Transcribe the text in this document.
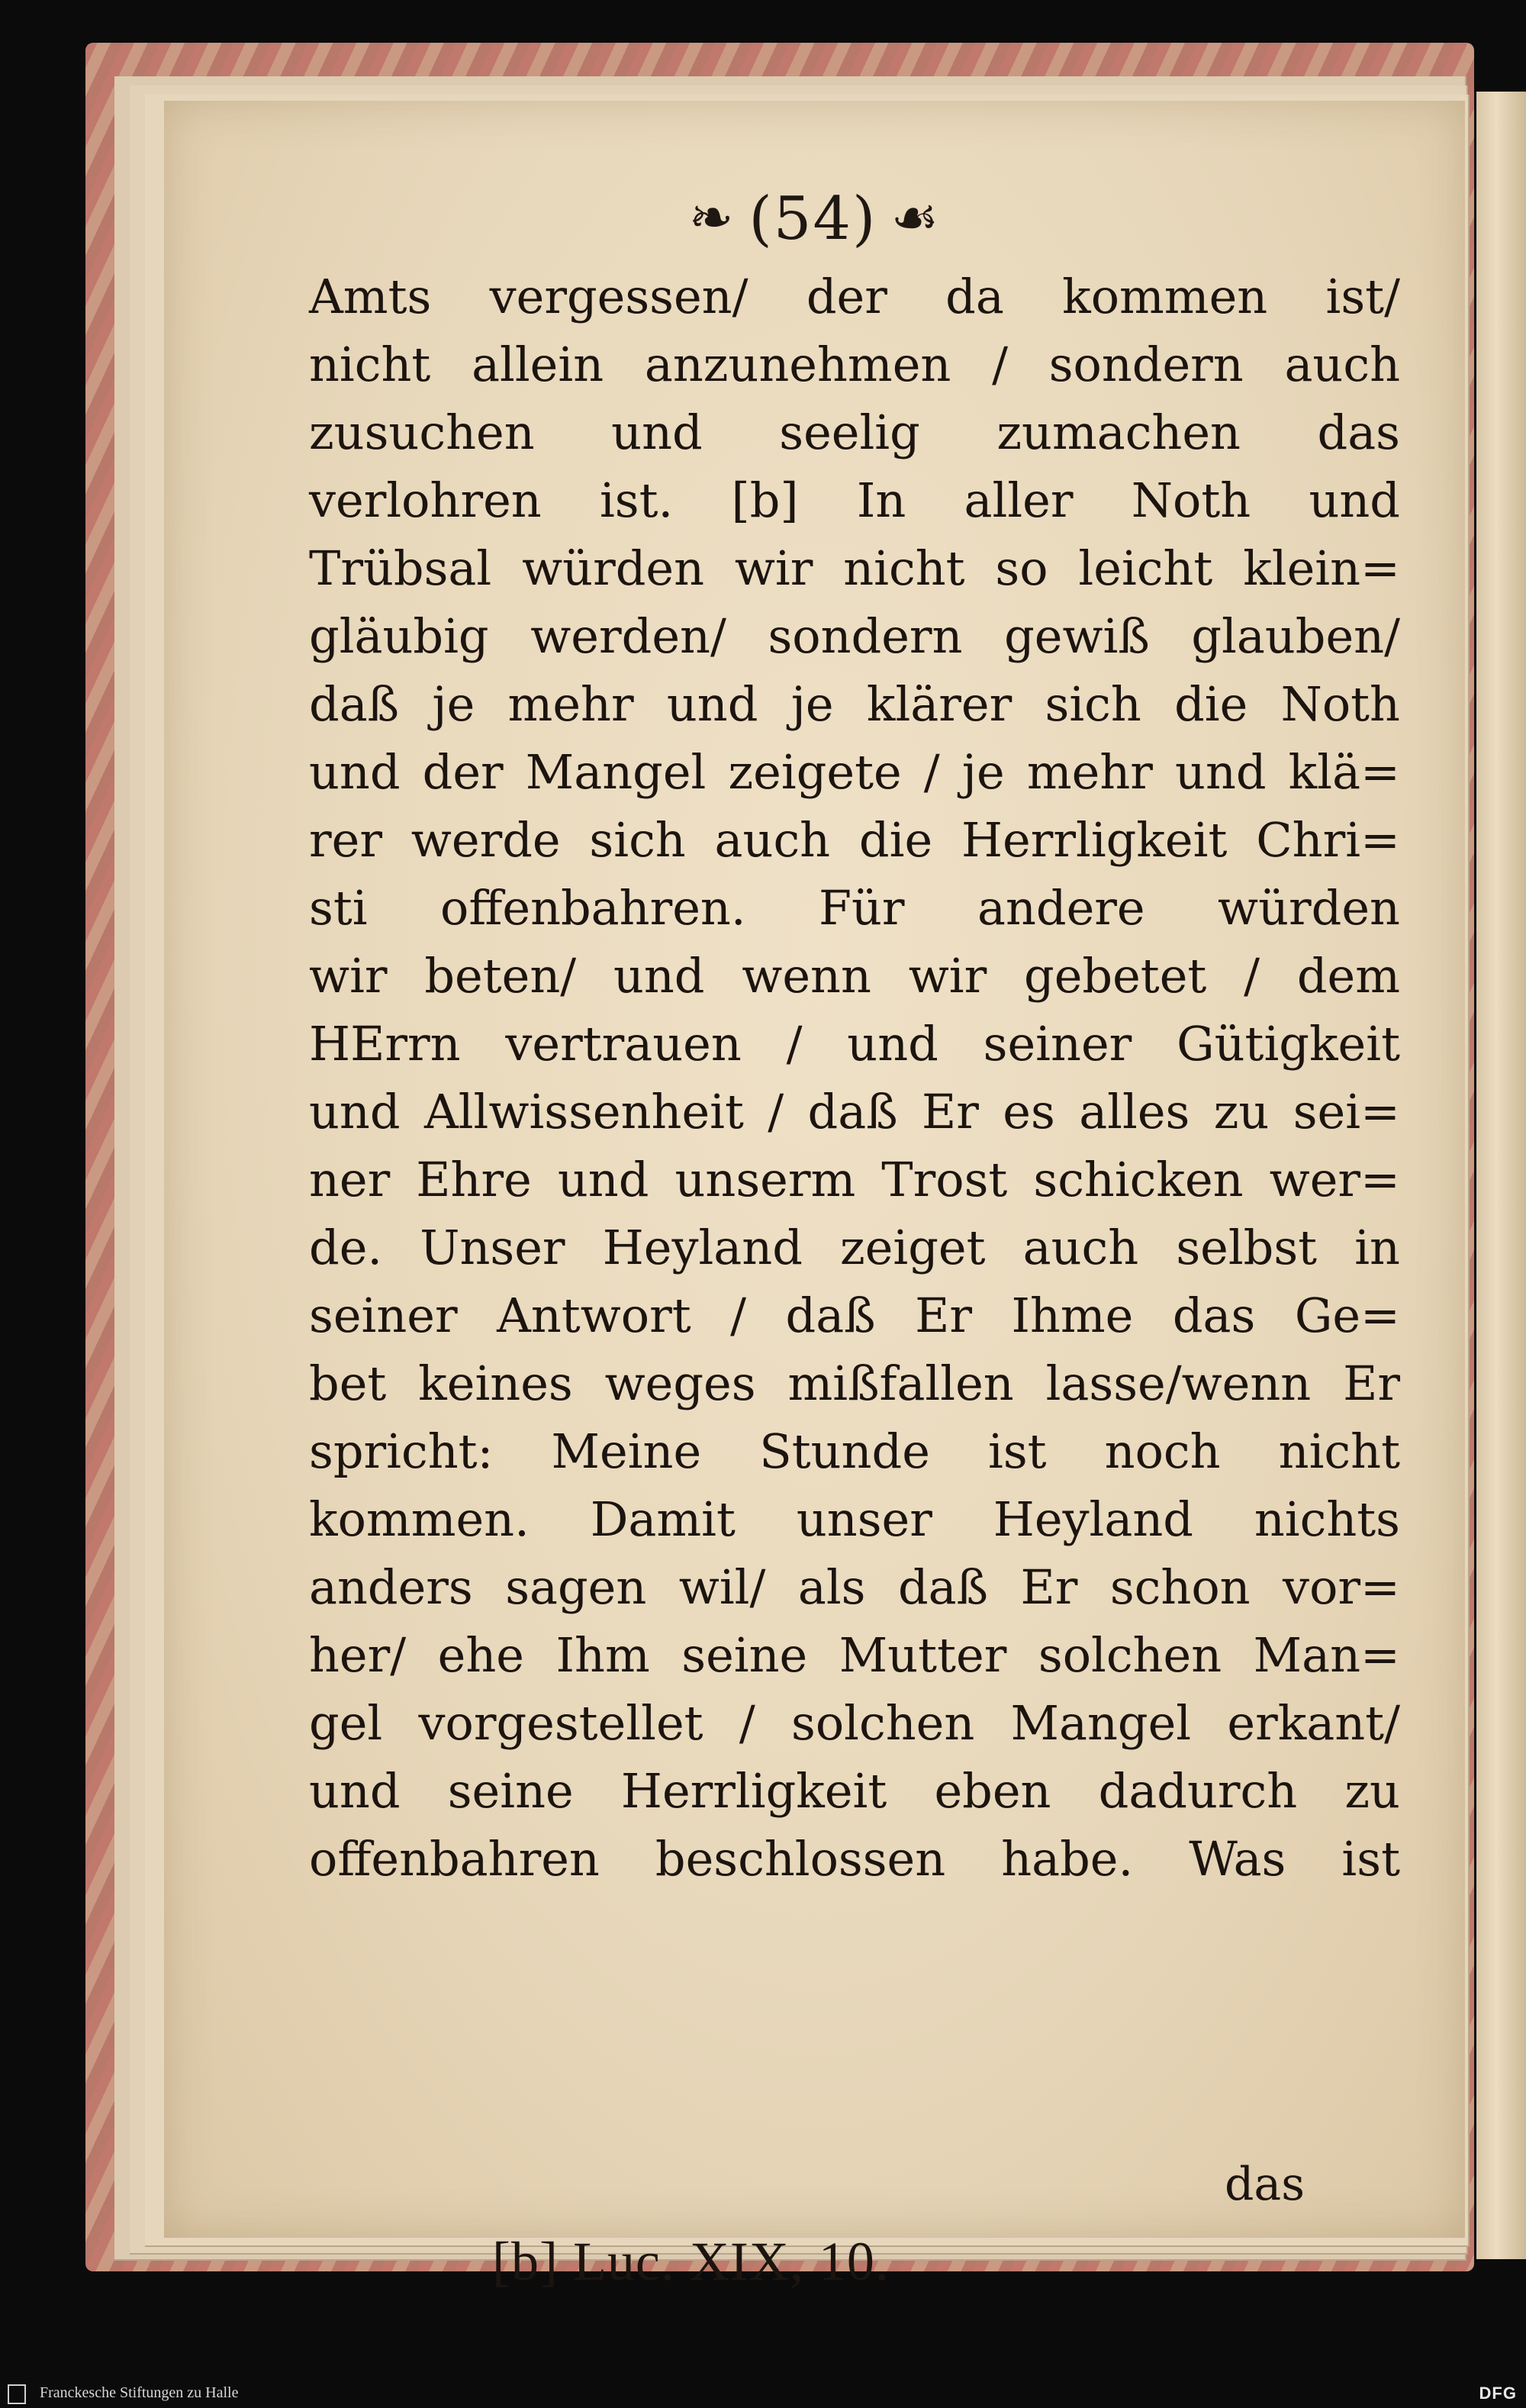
❧ (54) ☙
Amts vergessen/ der da kommen ist/
nicht allein anzunehmen / sondern auch
zusuchen und seelig zumachen das
verlohren ist. [b] In aller Noth und
Trübsal würden wir nicht so leicht klein=
gläubig werden/ sondern gewiß glauben/
daß je mehr und je klärer sich die Noth
und der Mangel zeigete / je mehr und klä=
rer werde sich auch die Herrligkeit Chri=
sti offenbahren. Für andere würden
wir beten/ und wenn wir gebetet / dem
HErrn vertrauen / und seiner Gütigkeit
und Allwissenheit / daß Er es alles zu sei=
ner Ehre und unserm Trost schicken wer=
de. Unser Heyland zeiget auch selbst in
seiner Antwort / daß Er Ihme das Ge=
bet keines weges mißfallen lasse/wenn Er
spricht: Meine Stunde ist noch nicht
kommen. Damit unser Heyland nichts
anders sagen wil/ als daß Er schon vor=
her/ ehe Ihm seine Mutter solchen Man=
gel vorgestellet / solchen Mangel erkant/
und seine Herrligkeit eben dadurch zu
offenbahren beschlossen habe. Was ist
das
[b] Luc. XIX, 10.
Franckesche Stiftungen zu Halle	DFG
